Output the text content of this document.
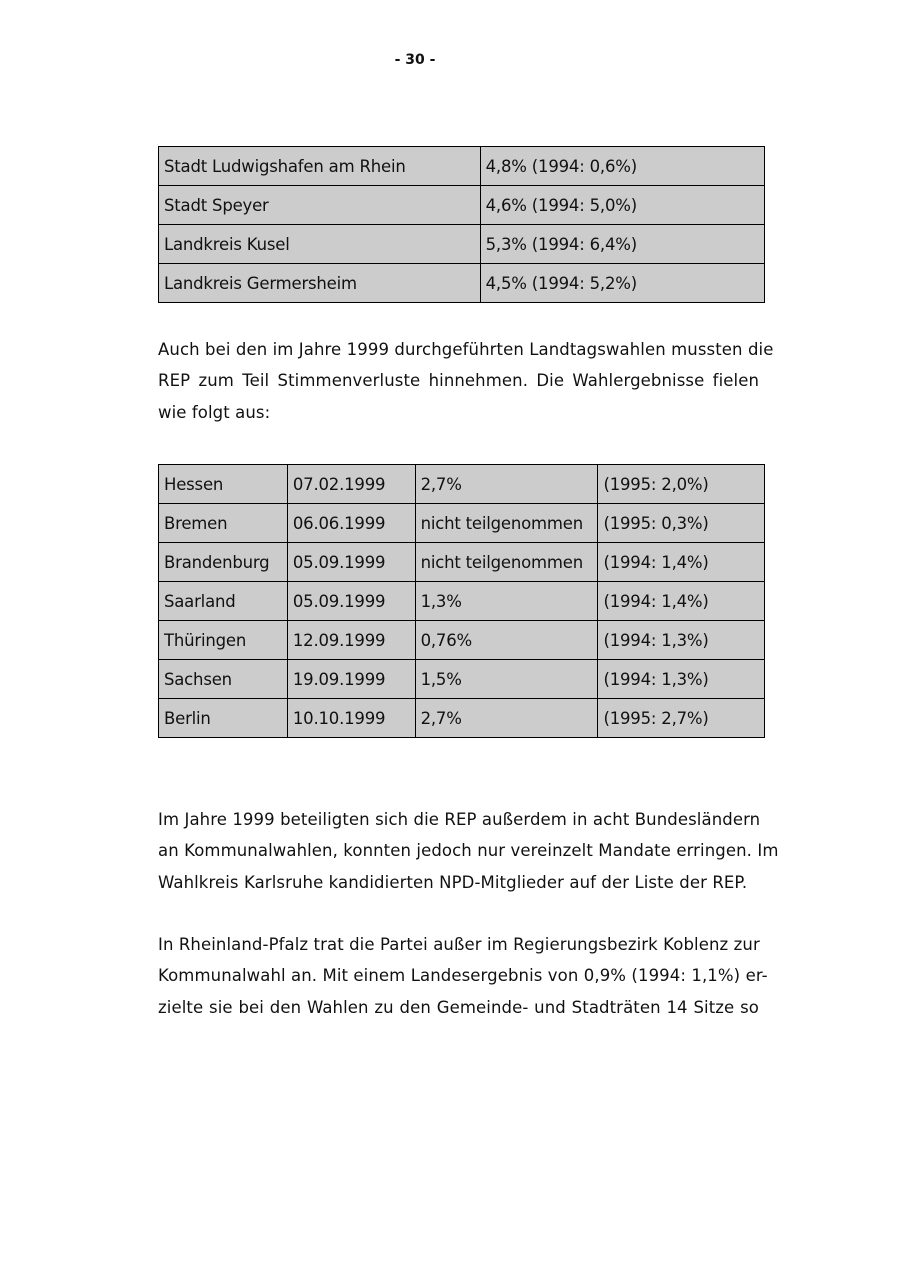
- 30 -
Stadt Ludwigshafen am Rhein	4,8% (1994: 0,6%)
Stadt Speyer	4,6% (1994: 5,0%)
Landkreis Kusel	5,3% (1994: 6,4%)
Landkreis Germersheim	4,5% (1994: 5,2%)

Auch bei den im Jahre 1999 durchgeführten Landtagswahlen mussten die
REP zum Teil Stimmenverluste hinnehmen. Die Wahlergebnisse fielen
wie folgt aus:

Hessen	07.02.1999	2,7%	(1995: 2,0%)
Bremen	06.06.1999	nicht teilgenommen	(1995: 0,3%)
Brandenburg	05.09.1999	nicht teilgenommen	(1994: 1,4%)
Saarland	05.09.1999	1,3%	(1994: 1,4%)
Thüringen	12.09.1999	0,76%	(1994: 1,3%)
Sachsen	19.09.1999	1,5%	(1994: 1,3%)
Berlin	10.10.1999	2,7%	(1995: 2,7%)

Im Jahre 1999 beteiligten sich die REP außerdem in acht Bundesländern
an Kommunalwahlen, konnten jedoch nur vereinzelt Mandate erringen. Im
Wahlkreis Karlsruhe kandidierten NPD-Mitglieder auf der Liste der REP.

In Rheinland-Pfalz trat die Partei außer im Regierungsbezirk Koblenz zur
Kommunalwahl an. Mit einem Landesergebnis von 0,9% (1994: 1,1%) er-
zielte sie bei den Wahlen zu den Gemeinde- und Stadträten 14 Sitze so
